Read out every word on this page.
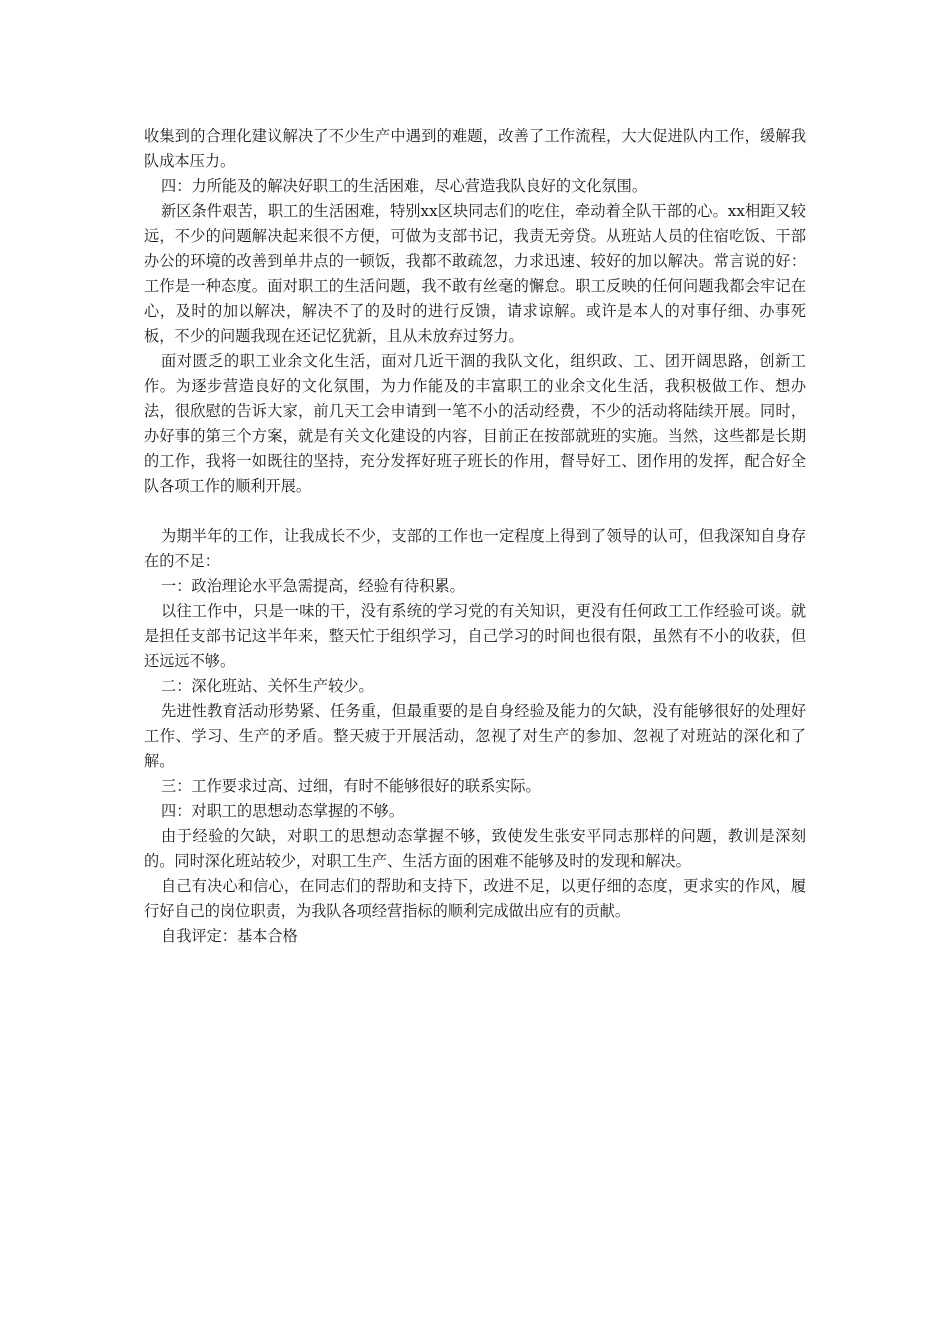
收集到的合理化建议解决了不少生产中遇到的难题，改善了工作流程，大大促进队内工作，缓解我队成本压力。

四：力所能及的解决好职工的生活困难，尽心营造我队良好的文化氛围。

新区条件艰苦，职工的生活困难，特别xx区块同志们的吃住，牵动着全队干部的心。xx相距又较远，不少的问题解决起来很不方便，可做为支部书记，我责无旁贷。从班站人员的住宿吃饭、干部办公的环境的改善到单井点的一顿饭，我都不敢疏忽，力求迅速、较好的加以解决。常言说的好：工作是一种态度。面对职工的生活问题，我不敢有丝毫的懈怠。职工反映的任何问题我都会牢记在心，及时的加以解决，解决不了的及时的进行反馈，请求谅解。或许是本人的对事仔细、办事死板，不少的问题我现在还记忆犹新，且从未放弃过努力。

面对匮乏的职工业余文化生活，面对几近干涸的我队文化，组织政、工、团开阔思路，创新工作。为逐步营造良好的文化氛围，为力作能及的丰富职工的业余文化生活，我积极做工作、想办法，很欣慰的告诉大家，前几天工会申请到一笔不小的活动经费，不少的活动将陆续开展。同时，办好事的第三个方案，就是有关文化建设的内容，目前正在按部就班的实施。当然，这些都是长期的工作，我将一如既往的坚持，充分发挥好班子班长的作用，督导好工、团作用的发挥，配合好全队各项工作的顺利开展。

为期半年的工作，让我成长不少，支部的工作也一定程度上得到了领导的认可，但我深知自身存在的不足：

一：政治理论水平急需提高，经验有待积累。

以往工作中，只是一味的干，没有系统的学习党的有关知识，更没有任何政工工作经验可谈。就是担任支部书记这半年来，整天忙于组织学习，自己学习的时间也很有限，虽然有不小的收获，但还远远不够。

二：深化班站、关怀生产较少。

先进性教育活动形势紧、任务重，但最重要的是自身经验及能力的欠缺，没有能够很好的处理好工作、学习、生产的矛盾。整天疲于开展活动，忽视了对生产的参加、忽视了对班站的深化和了解。

三：工作要求过高、过细，有时不能够很好的联系实际。

四：对职工的思想动态掌握的不够。

由于经验的欠缺，对职工的思想动态掌握不够，致使发生张安平同志那样的问题，教训是深刻的。同时深化班站较少，对职工生产、生活方面的困难不能够及时的发现和解决。

自己有决心和信心，在同志们的帮助和支持下，改进不足，以更仔细的态度，更求实的作风，履行好自己的岗位职责，为我队各项经营指标的顺利完成做出应有的贡献。

自我评定：基本合格
